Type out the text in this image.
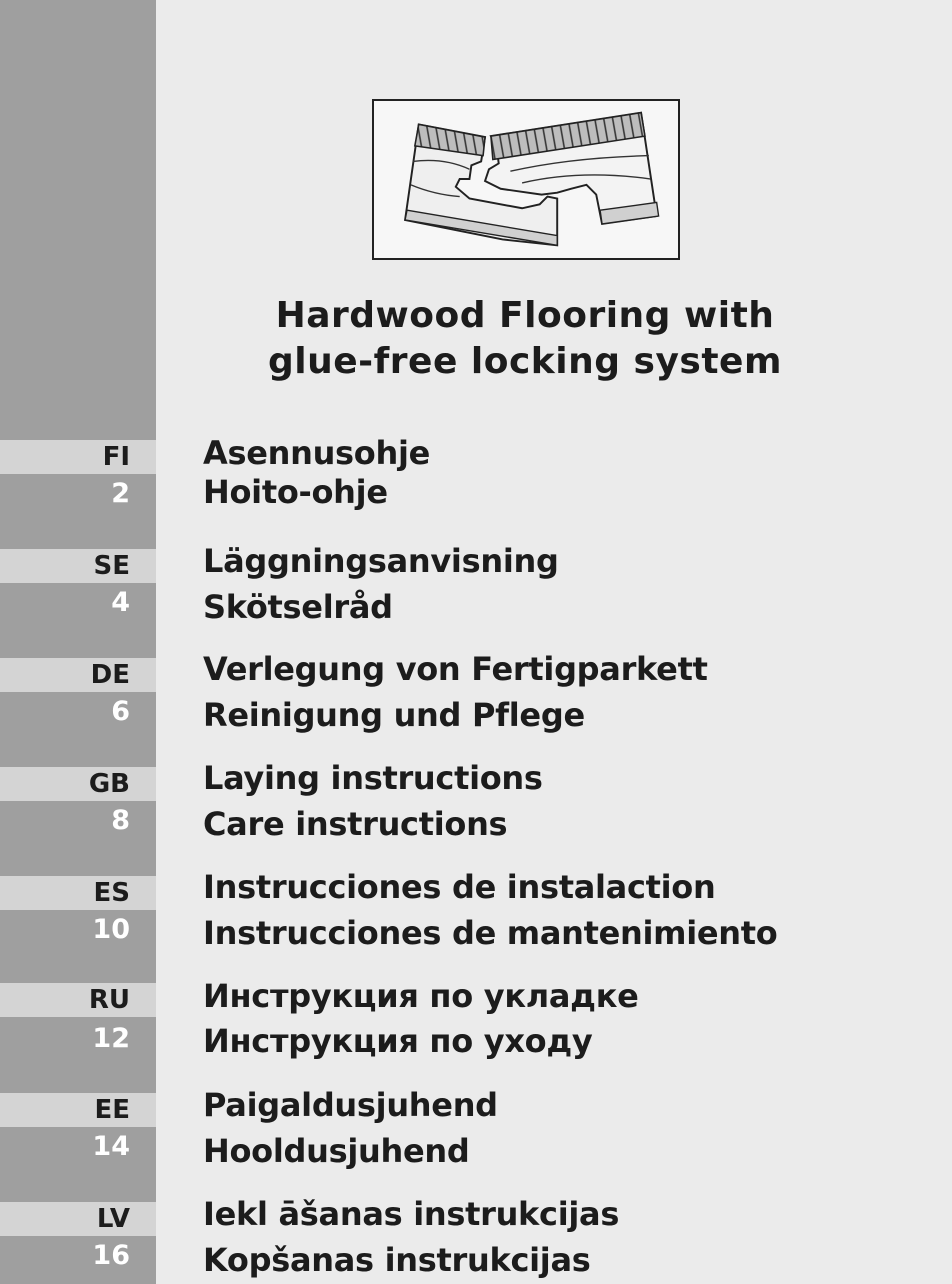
FI
2
SE
4
DE
6
GB
8
ES
10
RU
12
EE
14
LV
16
Hardwood Flooring with
glue-free locking system
Asennusohje
Hoito-ohje
Läggningsanvisning
Skötselråd
Verlegung von Fertigparkett
Reinigung und Pflege
Laying instructions
Care instructions
Instrucciones de instalaction
Instrucciones de mantenimiento
Инструкция по укладке
Инструкция по уходу
Paigaldusjuhend
Hooldusjuhend
Iekl āšanas instrukcijas
Kopšanas instrukcijas
